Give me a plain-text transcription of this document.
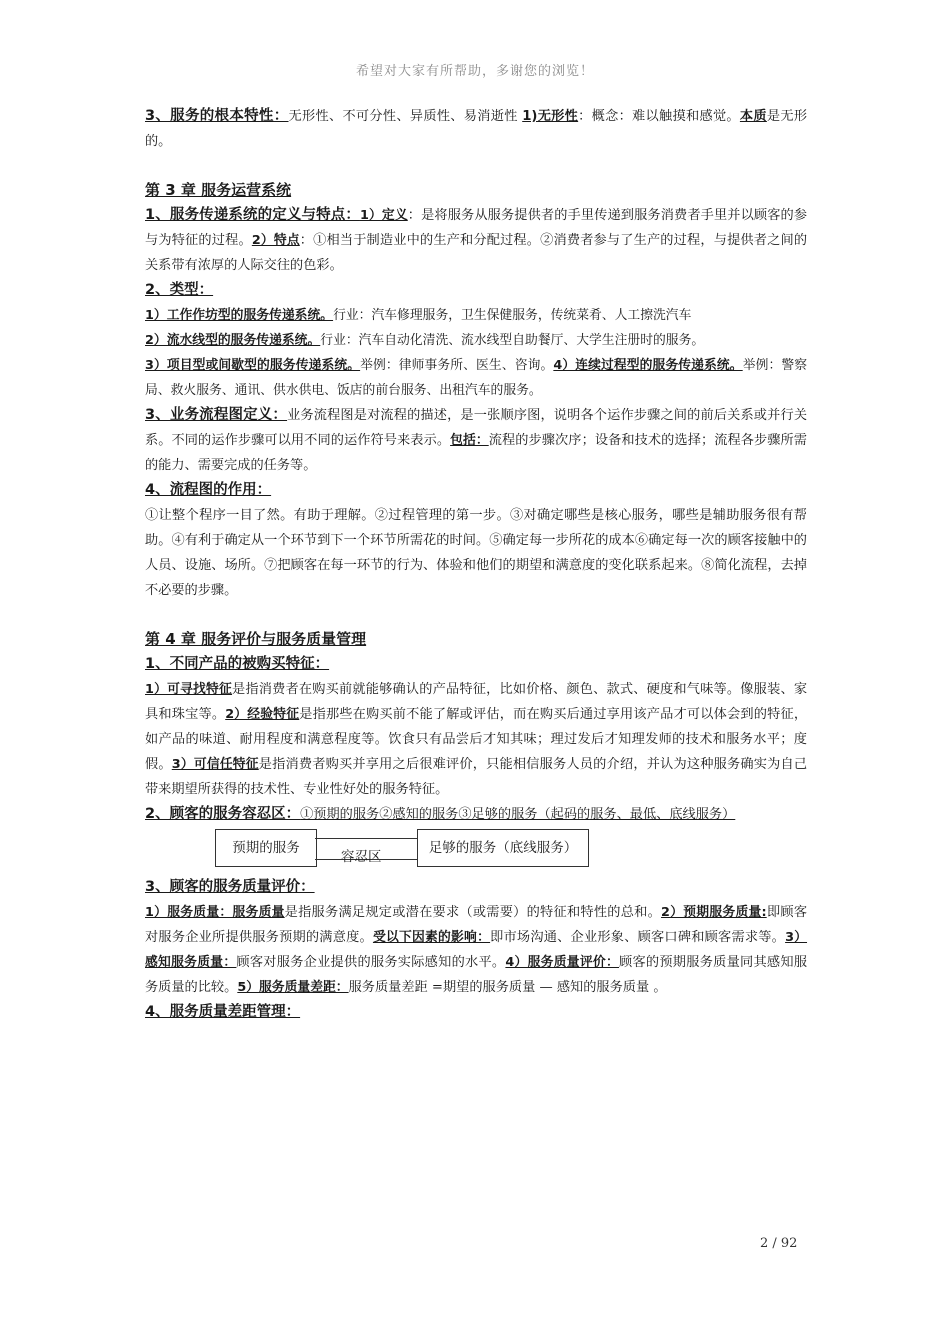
希望对大家有所帮助，多谢您的浏览！

3、服务的根本特性：无形性、不可分性、异质性、易消逝性 1)无形性：概念：难以触摸和感觉。本质是无形的。

第 3 章 服务运营系统

1、服务传递系统的定义与特点：1）定义：是将服务从服务提供者的手里传递到服务消费者手里并以顾客的参与为特征的过程。2）特点：①相当于制造业中的生产和分配过程。②消费者参与了生产的过程，与提供者之间的关系带有浓厚的人际交往的色彩。

2、类型：

1）工作作坊型的服务传递系统。行业：汽车修理服务，卫生保健服务，传统菜肴、人工擦洗汽车

2）流水线型的服务传递系统。行业：汽车自动化清洗、流水线型自助餐厅、大学生注册时的服务。

3）项目型或间歇型的服务传递系统。举例：律师事务所、医生、咨询。4）连续过程型的服务传递系统。举例：警察局、救火服务、通讯、供水供电、饭店的前台服务、出租汽车的服务。

3、业务流程图定义：业务流程图是对流程的描述，是一张顺序图，说明各个运作步骤之间的前后关系或并行关系。不同的运作步骤可以用不同的运作符号来表示。包括：流程的步骤次序；设备和技术的选择；流程各步骤所需的能力、需要完成的任务等。

4、流程图的作用：

①让整个程序一目了然。有助于理解。②过程管理的第一步。③对确定哪些是核心服务，哪些是辅助服务很有帮助。④有利于确定从一个环节到下一个环节所需花的时间。⑤确定每一步所花的成本⑥确定每一次的顾客接触中的人员、设施、场所。⑦把顾客在每一环节的行为、体验和他们的期望和满意度的变化联系起来。⑧简化流程，去掉不必要的步骤。

第 4 章 服务评价与服务质量管理

1、不同产品的被购买特征：

1）可寻找特征是指消费者在购买前就能够确认的产品特征，比如价格、颜色、款式、硬度和气味等。像服装、家具和珠宝等。2）经验特征是指那些在购买前不能了解或评估，而在购买后通过享用该产品才可以体会到的特征，如产品的味道、耐用程度和满意程度等。饮食只有品尝后才知其味；理过发后才知理发师的技术和服务水平；度假。3）可信任特征是指消费者购买并享用之后很难评价，只能相信服务人员的介绍，并认为这种服务确实为自己带来期望所获得的技术性、专业性好处的服务特征。

2、顾客的服务容忍区：①预期的服务②感知的服务③足够的服务（起码的服务、最低、底线服务）

预期的服务
容忍区
足够的服务（底线服务）

3、顾客的服务质量评价：

1）服务质量：服务质量是指服务满足规定或潜在要求（或需要）的特征和特性的总和。2）预期服务质量:即顾客对服务企业所提供服务预期的满意度。受以下因素的影响：即市场沟通、企业形象、顾客口碑和顾客需求等。3）感知服务质量：顾客对服务企业提供的服务实际感知的水平。4）服务质量评价：顾客的预期服务质量同其感知服务质量的比较。5）服务质量差距：服务质量差距 =期望的服务质量 — 感知的服务质量 。

4、服务质量差距管理：

2 / 92
